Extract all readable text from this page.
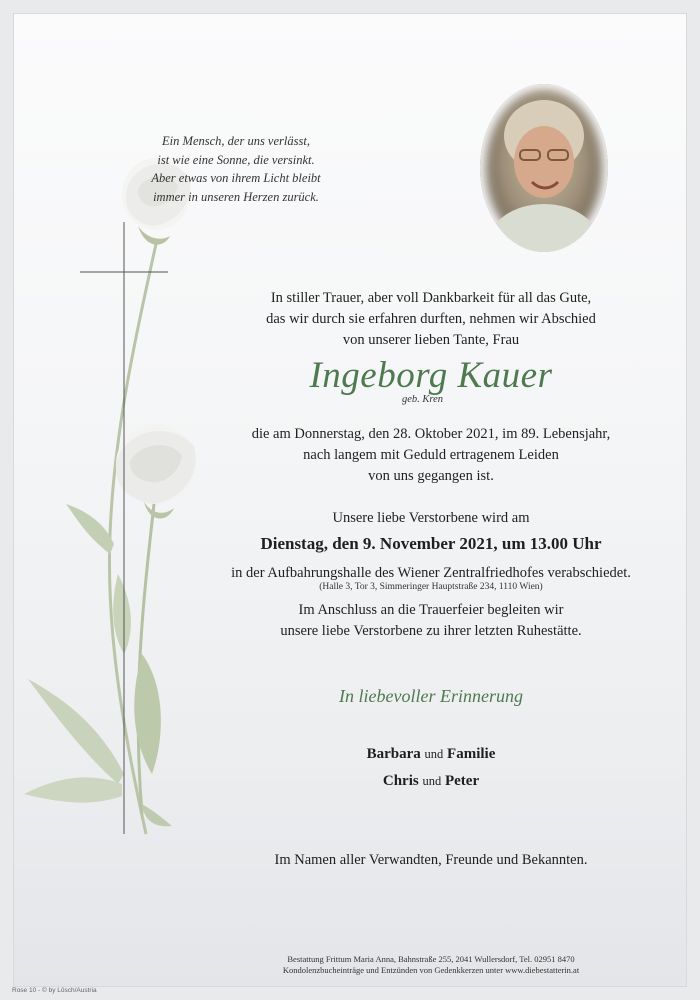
Ein Mensch, der uns verlässt,
ist wie eine Sonne, die versinkt.
Aber etwas von ihrem Licht bleibt
immer in unseren Herzen zurück.
In stiller Trauer, aber voll Dankbarkeit für all das Gute,
das wir durch sie erfahren durften, nehmen wir Abschied
von unserer lieben Tante, Frau
Ingeborg Kauer
geb. Kren
die am Donnerstag, den 28. Oktober 2021, im 89. Lebensjahr,
nach langem mit Geduld ertragenem Leiden
von uns gegangen ist.
Unsere liebe Verstorbene wird am
Dienstag, den 9. November 2021, um 13.00 Uhr
in der Aufbahrungshalle des Wiener Zentralfriedhofes verabschiedet.
(Halle 3, Tor 3, Simmeringer Hauptstraße 234, 1110 Wien)
Im Anschluss an die Trauerfeier begleiten wir
unsere liebe Verstorbene zu ihrer letzten Ruhestätte.
In liebevoller Erinnerung
Barbara und Familie
Chris und Peter
Im Namen aller Verwandten, Freunde und Bekannten.
Bestattung Frittum Maria Anna, Bahnstraße 255, 2041 Wullersdorf, Tel. 02951 8470
Kondolenzbucheinträge und Entzünden von Gedenkkerzen unter www.diebestatterin.at
Rose 10 - © by Lösch/Austria
